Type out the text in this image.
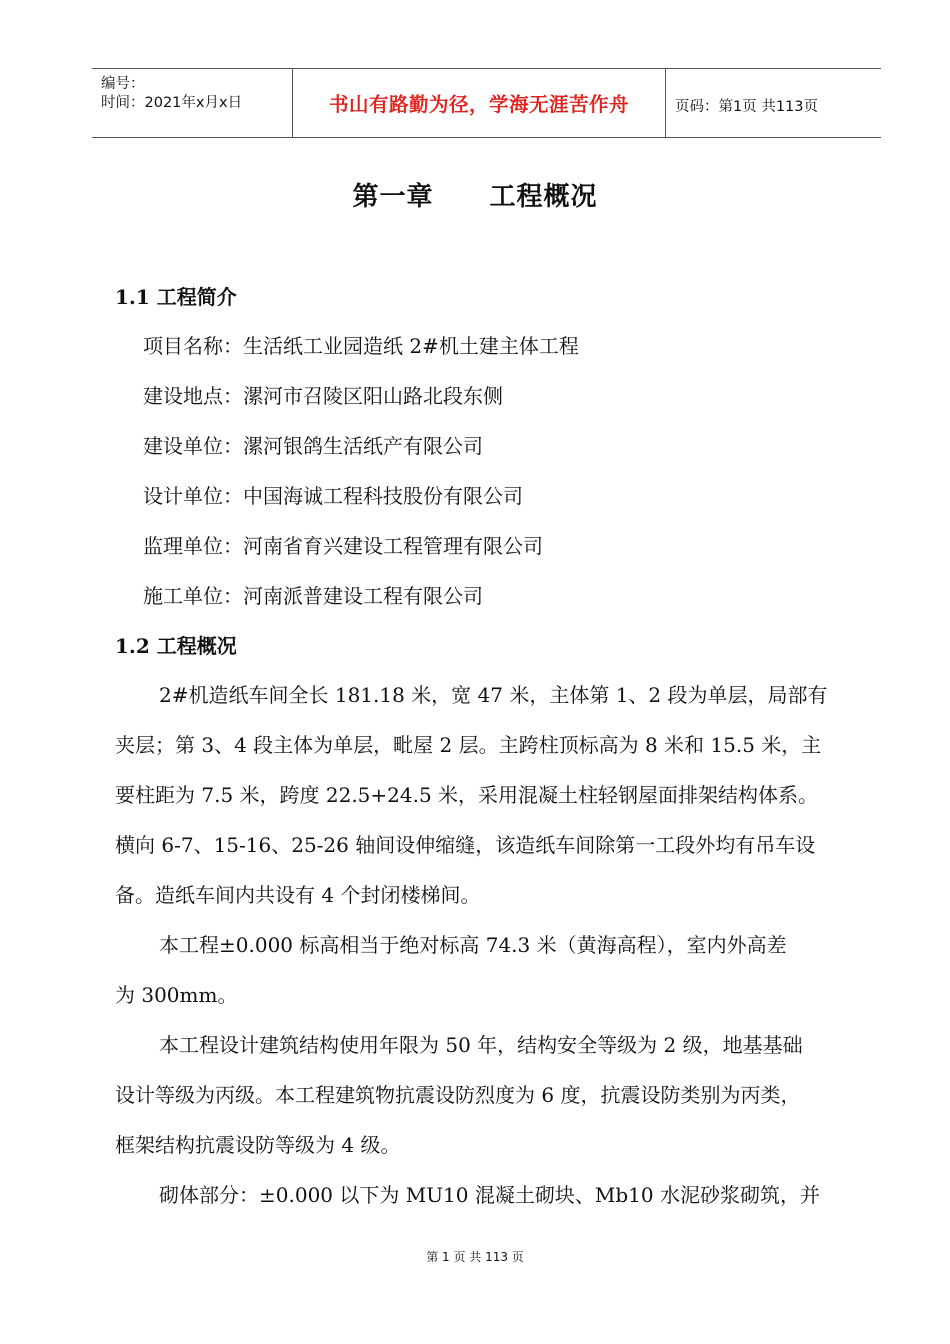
编号：
时间：2021年x月x日	书山有路勤为径，学海无涯苦作舟	页码：第1页 共113页
第一章 工程概况
1.1 工程简介
项目名称：生活纸工业园造纸 2#机土建主体工程
建设地点：漯河市召陵区阳山路北段东侧
建设单位：漯河银鸽生活纸产有限公司
设计单位：中国海诚工程科技股份有限公司
监理单位：河南省育兴建设工程管理有限公司
施工单位：河南派普建设工程有限公司
1.2 工程概况
2#机造纸车间全长 181.18 米，宽 47 米，主体第 1、2 段为单层，局部有
夹层；第 3、4 段主体为单层，毗屋 2 层。主跨柱顶标高为 8 米和 15.5 米，主
要柱距为 7.5 米，跨度 22.5+24.5 米，采用混凝土柱轻钢屋面排架结构体系。
横向 6-7、15-16、25-26 轴间设伸缩缝，该造纸车间除第一工段外均有吊车设
备。造纸车间内共设有 4 个封闭楼梯间。
本工程±0.000 标高相当于绝对标高 74.3 米（黄海高程），室内外高差
为 300mm。
本工程设计建筑结构使用年限为 50 年，结构安全等级为 2 级，地基基础
设计等级为丙级。本工程建筑物抗震设防烈度为 6 度，抗震设防类别为丙类，
框架结构抗震设防等级为 4 级。
砌体部分：±0.000 以下为 MU10 混凝土砌块、Mb10 水泥砂浆砌筑，并
第 1 页 共 113 页
